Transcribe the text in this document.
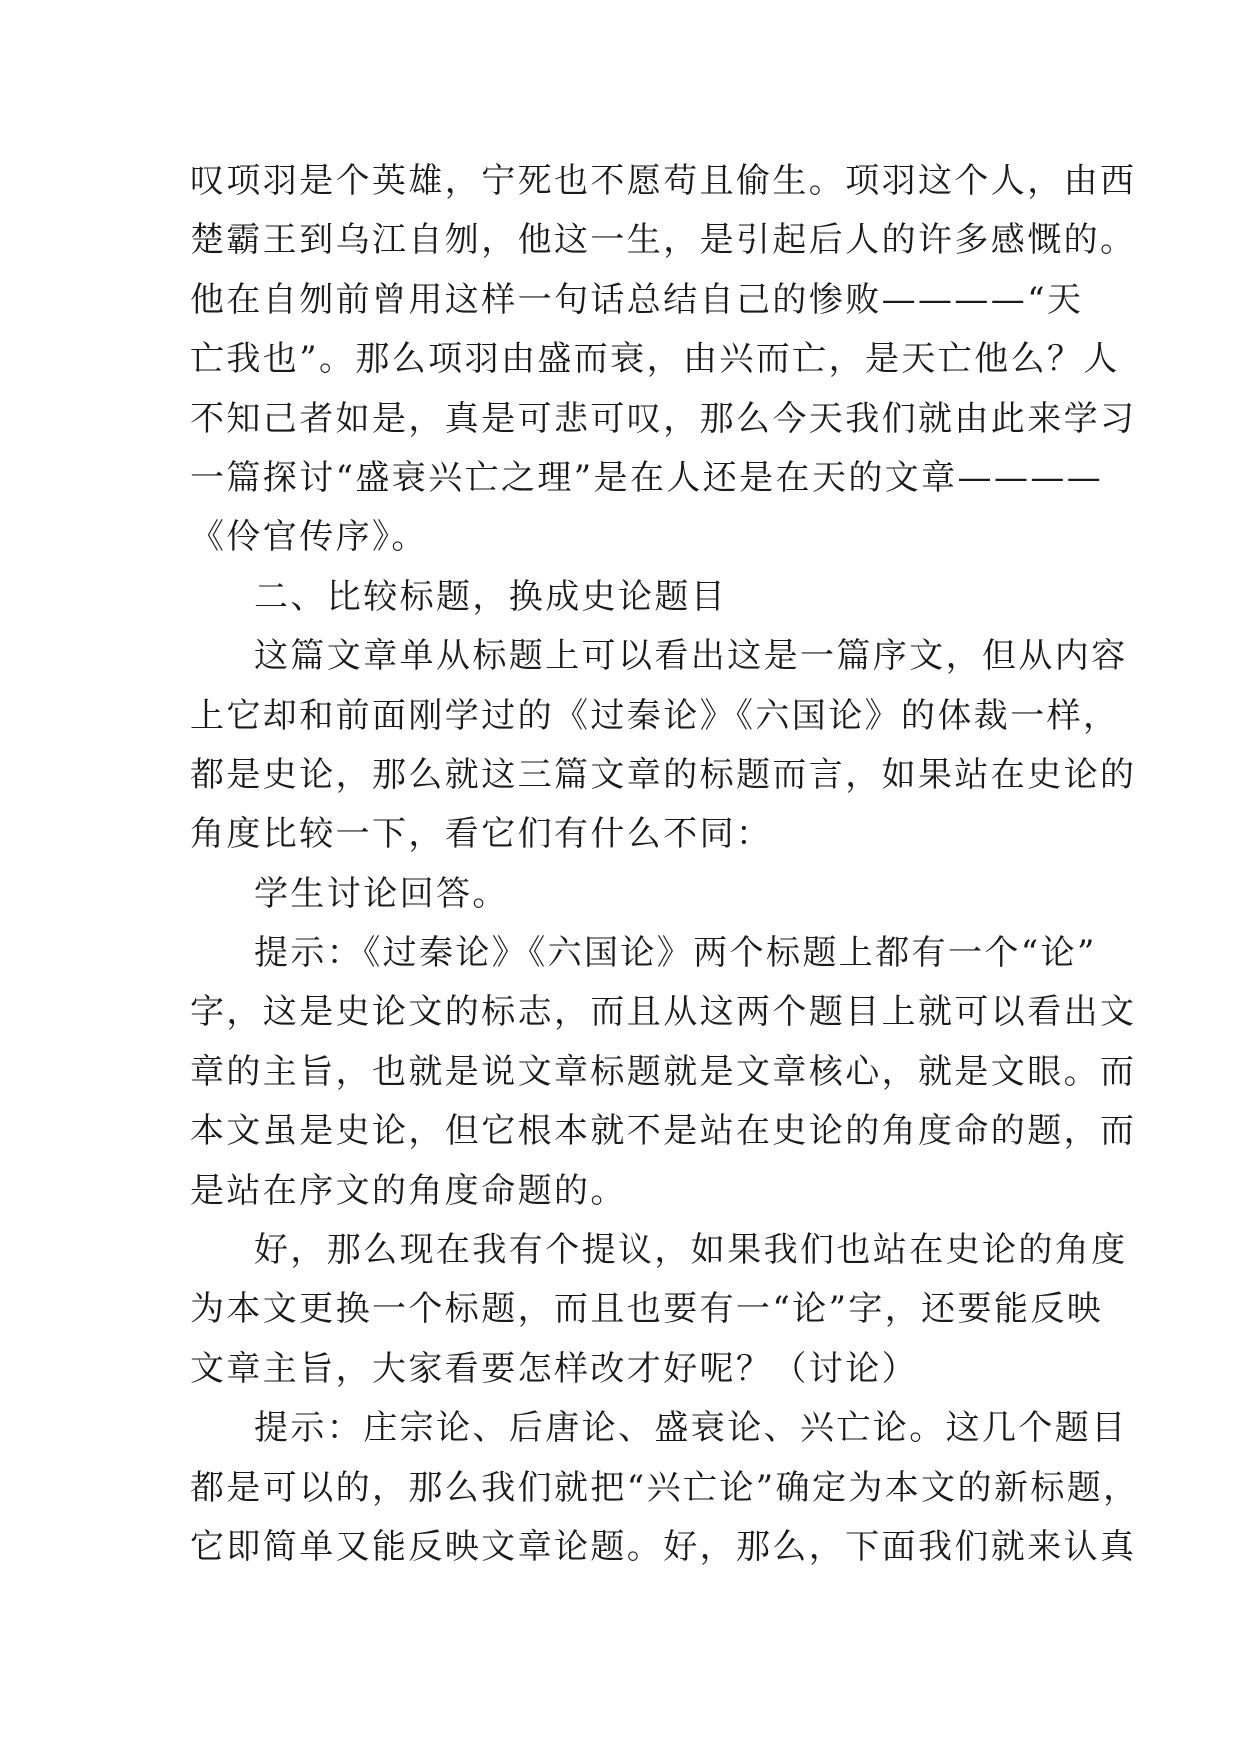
叹项羽是个英雄，宁死也不愿苟且偷生。项羽这个人，由西
楚霸王到乌江自刎，他这一生，是引起后人的许多感慨的。
他在自刎前曾用这样一句话总结自己的惨败————“天
亡我也”。那么项羽由盛而衰，由兴而亡，是天亡他么？人
不知己者如是，真是可悲可叹，那么今天我们就由此来学习
一篇探讨“盛衰兴亡之理”是在人还是在天的文章————
《伶官传序》。
二、比较标题，换成史论题目
这篇文章单从标题上可以看出这是一篇序文，但从内容
上它却和前面刚学过的《过秦论》《六国论》的体裁一样，
都是史论，那么就这三篇文章的标题而言，如果站在史论的
角度比较一下，看它们有什么不同：
学生讨论回答。
提示：《过秦论》《六国论》两个标题上都有一个“论”
字，这是史论文的标志，而且从这两个题目上就可以看出文
章的主旨，也就是说文章标题就是文章核心，就是文眼。而
本文虽是史论，但它根本就不是站在史论的角度命的题，而
是站在序文的角度命题的。
好，那么现在我有个提议，如果我们也站在史论的角度
为本文更换一个标题，而且也要有一“论”字，还要能反映
文章主旨，大家看要怎样改才好呢？（讨论）
提示：庄宗论、后唐论、盛衰论、兴亡论。这几个题目
都是可以的，那么我们就把“兴亡论”确定为本文的新标题，
它即简单又能反映文章论题。好，那么，下面我们就来认真
